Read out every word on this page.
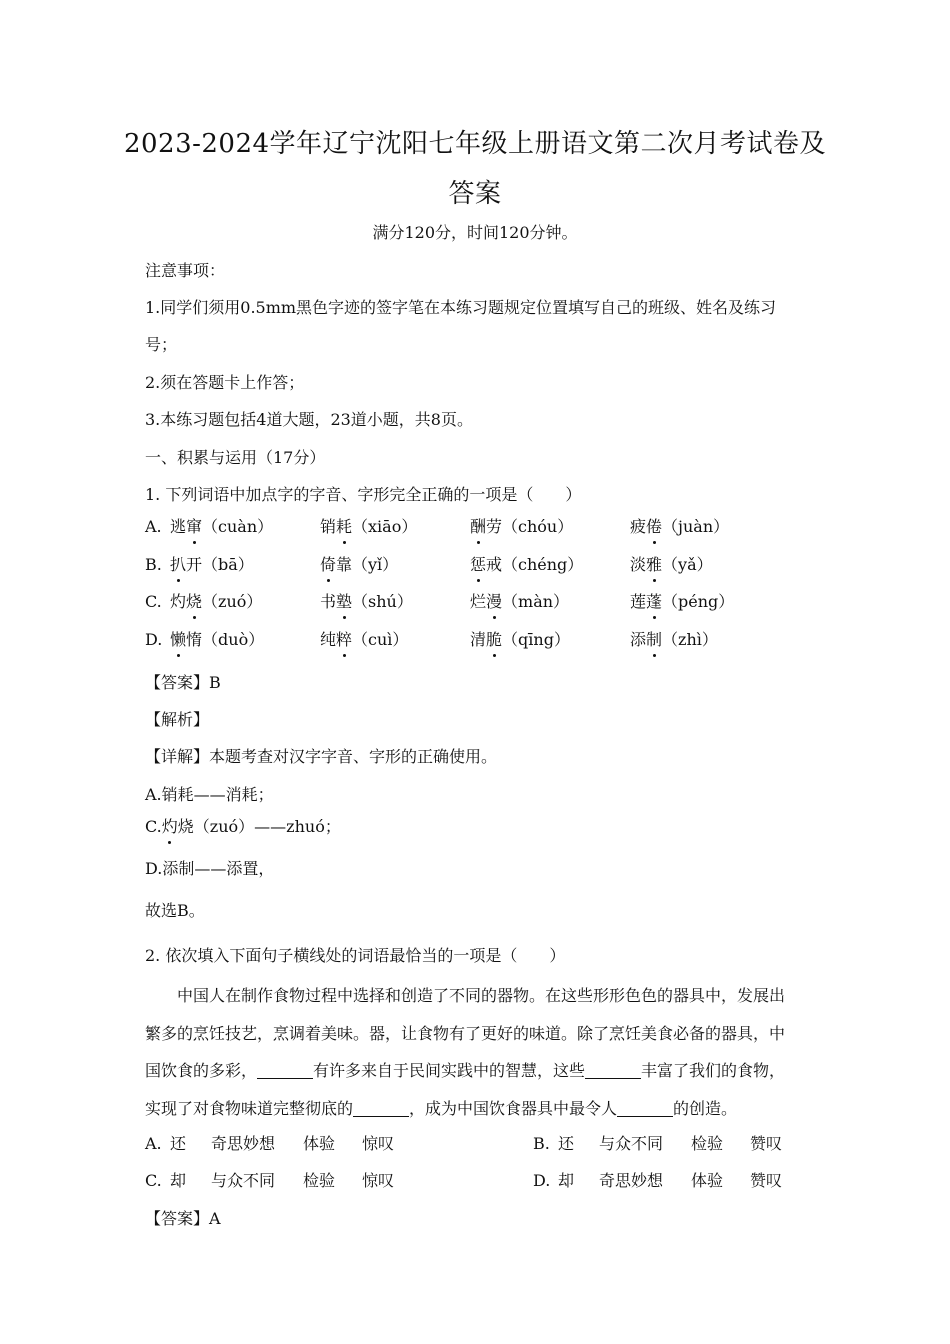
2023-2024学年辽宁沈阳七年级上册语文第二次月考试卷及
答案
满分120分，时间120分钟。
注意事项：
1.同学们须用0.5mm黑色字迹的签字笔在本练习题规定位置填写自己的班级、姓名及练习
号；
2.须在答题卡上作答；
3.本练习题包括4道大题，23道小题，共8页。
一、积累与运用（17分）
1. 下列词语中加点字的字音、字形完全正确的一项是（　　）
A. 逃窜（cuàn）	销耗（xiāo）	酬劳（chóu）	疲倦（juàn）
B. 扒开（bā）	倚靠（yǐ）	惩戒（chéng）	淡雅（yǎ）
C. 灼烧（zuó）	书塾（shú）	烂漫（màn）	莲蓬（péng）
D. 懒惰（duò）	纯粹（cuì）	清脆（qīng）	添制（zhì）
【答案】B
【解析】
【详解】本题考查对汉字字音、字形的正确使用。
A.销耗——消耗；
C.灼烧（zuó）——zhuó；
D.添制——添置，
故选B。
2. 依次填入下面句子横线处的词语最恰当的一项是（　　）
中国人在制作食物过程中选择和创造了不同的器物。在这些形形色色的器具中，发展出
繁多的烹饪技艺，烹调着美味。器，让食物有了更好的味道。除了烹饪美食必备的器具，中
国饮食的多彩，	有许多来自于民间实践中的智慧，这些	丰富了我们的食物，
实现了对食物味道完整彻底的	，成为中国饮食器具中最令人	的创造。
A. 还 奇思妙想 体验 惊叹	B. 还 与众不同 检验 赞叹
C. 却 与众不同 检验 惊叹	D. 却 奇思妙想 体验 赞叹
【答案】A
